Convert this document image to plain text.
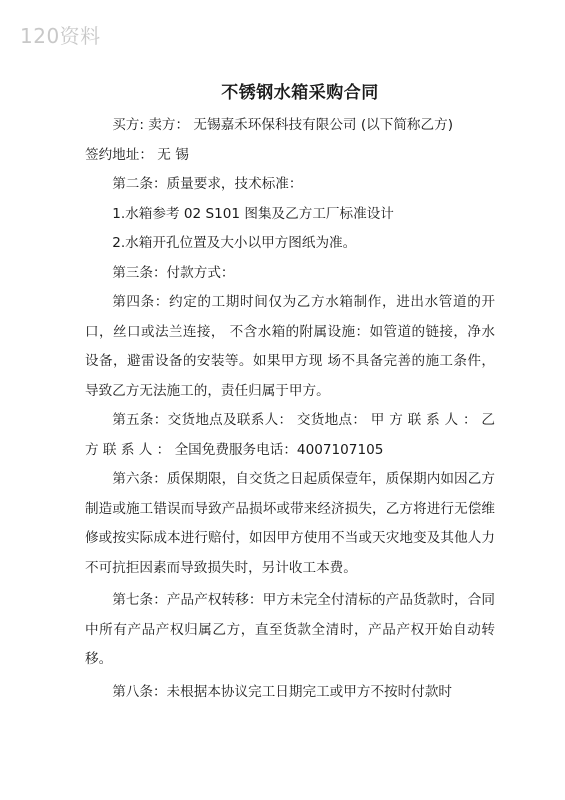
120资料
不锈钢水箱采购合同

买方: 卖方： 无锡嘉禾环保科技有限公司 (以下简称乙方)

签约地址： 无 锡

第二条：质量要求，技术标准：

1.水箱参考 02 S101 图集及乙方工厂标准设计

2.水箱开孔位置及大小以甲方图纸为准。

第三条：付款方式：

第四条：约定的工期时间仅为乙方水箱制作，进出水管道的开口，丝口或法兰连接， 不含水箱的附属设施：如管道的链接，净水设备，避雷设备的安装等。如果甲方现 场不具备完善的施工条件，导致乙方无法施工的，责任归属于甲方。

第五条：交货地点及联系人： 交货地点： 甲 方 联 系 人 ： 乙 方 联 系 人 ： 全国免费服务电话：4007107105

第六条：质保期限，自交货之日起质保壹年，质保期内如因乙方制造或施工错误而导致产品损坏或带来经济损失，乙方将进行无偿维修或按实际成本进行赔付，如因甲方使用不当或天灾地变及其他人力不可抗拒因素而导致损失时，另计收工本费。

第七条：产品产权转移：甲方未完全付清标的产品货款时，合同中所有产品产权归属乙方，直至货款全清时，产品产权开始自动转移。

第八条：未根据本协议完工日期完工或甲方不按时付款时
